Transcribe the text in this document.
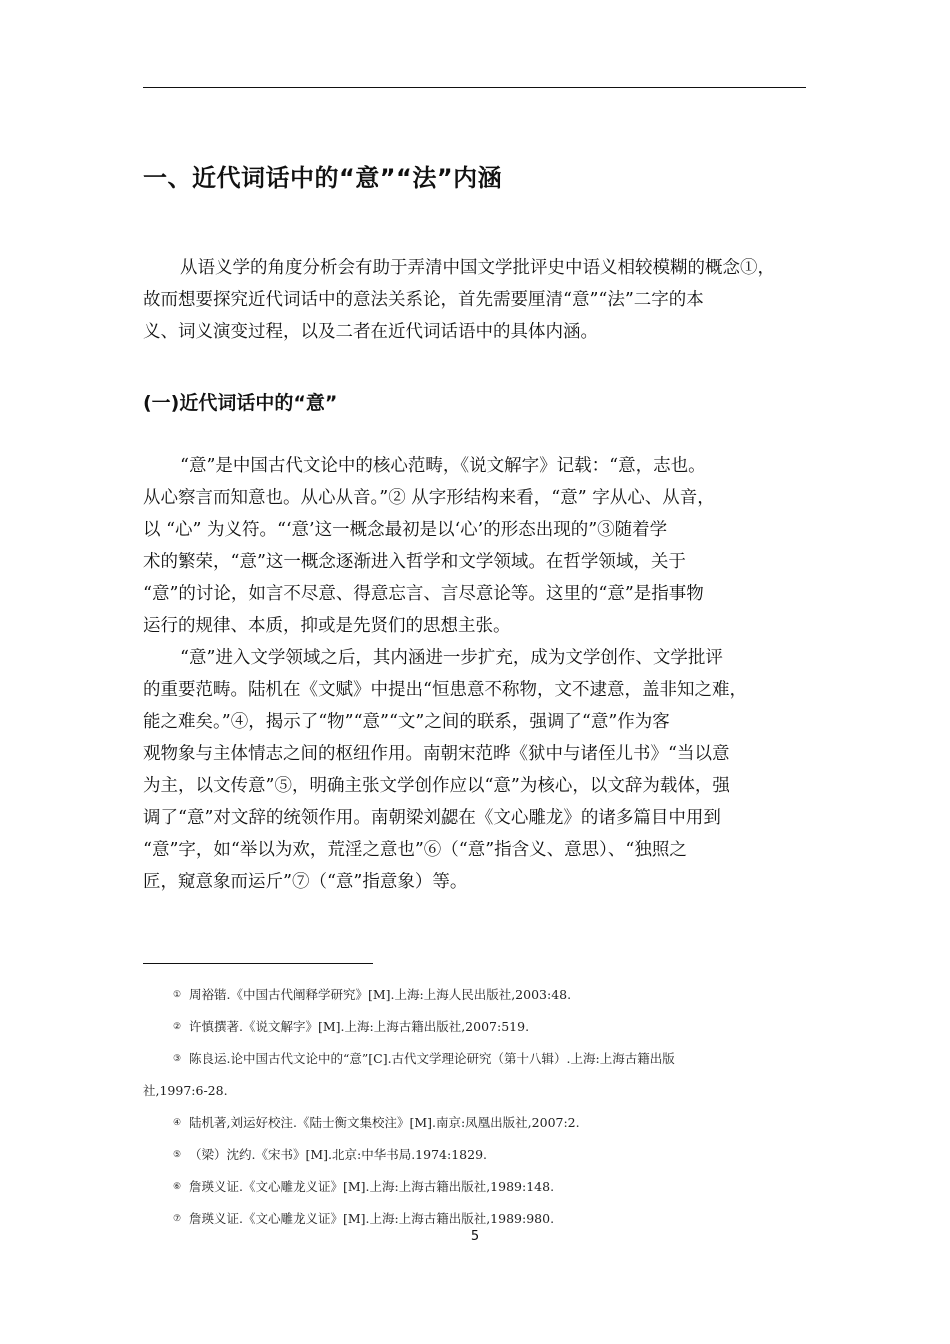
一、近代词话中的“意”“法”内涵
从语义学的角度分析会有助于弄清中国文学批评史中语义相较模糊的概念①，
故而想要探究近代词话中的意法关系论，首先需要厘清“意”“法”二字的本
义、词义演变过程，以及二者在近代词话语中的具体内涵。
(一)近代词话中的“意”
“意”是中国古代文论中的核心范畴，《说文解字》记载：“意，志也。
从心察言而知意也。从心从音。”② 从字形结构来看，“意” 字从心、从音，
以 “心” 为义符。“‘意’这一概念最初是以‘心’的形态出现的”③随着学
术的繁荣，“意”这一概念逐渐进入哲学和文学领域。在哲学领域，关于
“意”的讨论，如言不尽意、得意忘言、言尽意论等。这里的“意”是指事物
运行的规律、本质，抑或是先贤们的思想主张。
“意”进入文学领域之后，其内涵进一步扩充，成为文学创作、文学批评
的重要范畴。陆机在《文赋》中提出“恒患意不称物，文不逮意，盖非知之难，
能之难矣。”④，揭示了“物”“意”“文”之间的联系，强调了“意”作为客
观物象与主体情志之间的枢纽作用。南朝宋范晔《狱中与诸侄儿书》“当以意
为主，以文传意”⑤，明确主张文学创作应以“意”为核心，以文辞为载体，强
调了“意”对文辞的统领作用。南朝梁刘勰在《文心雕龙》的诸多篇目中用到
“意”字，如“举以为欢，荒淫之意也”⑥（“意”指含义、意思）、“独照之
匠，窥意象而运斤”⑦（“意”指意象）等。
① 周裕锴.《中国古代阐释学研究》[M].上海:上海人民出版社,2003:48.
② 许慎撰著.《说文解字》[M].上海:上海古籍出版社,2007:519.
③ 陈良运.论中国古代文论中的“意”[C].古代文学理论研究（第十八辑）.上海:上海古籍出版
社,1997:6-28.
④ 陆机著,刘运好校注.《陆士衡文集校注》[M].南京:凤凰出版社,2007:2.
⑤ （梁）沈约.《宋书》[M].北京:中华书局.1974:1829.
⑥ 詹瑛义证.《文心雕龙义证》[M].上海:上海古籍出版社,1989:148.
⑦ 詹瑛义证.《文心雕龙义证》[M].上海:上海古籍出版社,1989:980.
5
